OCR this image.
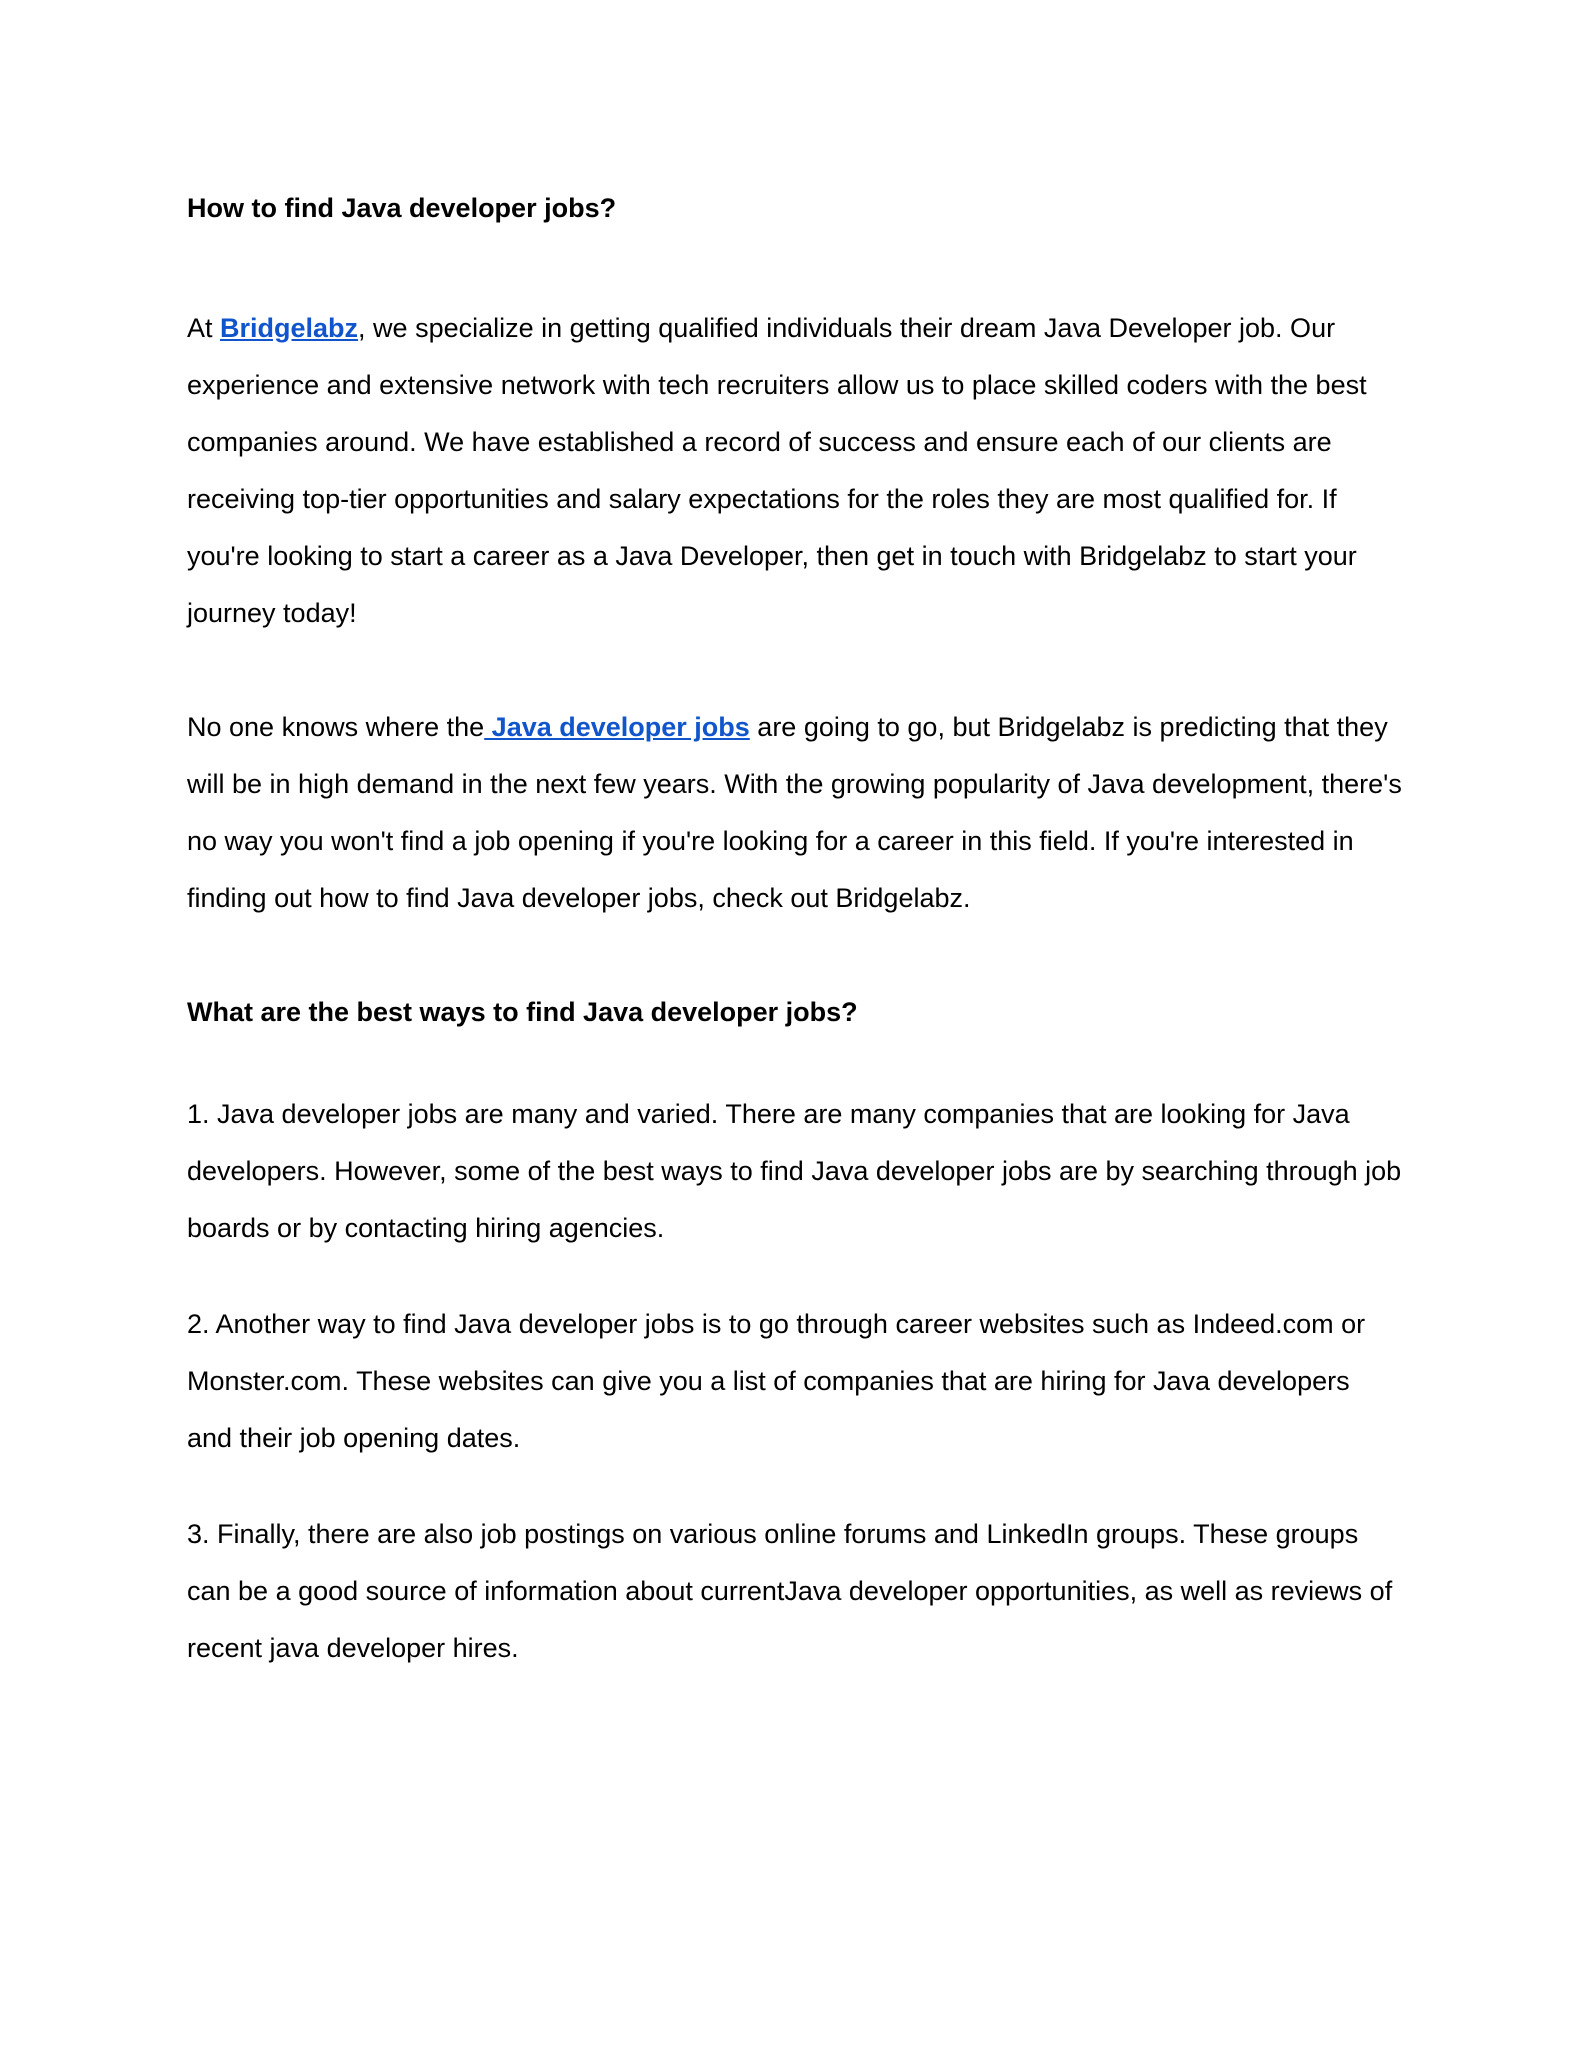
How to find Java developer jobs?

At Bridgelabz, we specialize in getting qualified individuals their dream Java Developer job. Our experience and extensive network with tech recruiters allow us to place skilled coders with the best companies around. We have established a record of success and ensure each of our clients are receiving top-tier opportunities and salary expectations for the roles they are most qualified for. If you're looking to start a career as a Java Developer, then get in touch with Bridgelabz to start your journey today!

No one knows where the Java developer jobs are going to go, but Bridgelabz is predicting that they will be in high demand in the next few years. With the growing popularity of Java development, there's no way you won't find a job opening if you're looking for a career in this field. If you're interested in finding out how to find Java developer jobs, check out Bridgelabz.

What are the best ways to find Java developer jobs?

1. Java developer jobs are many and varied. There are many companies that are looking for Java developers. However, some of the best ways to find Java developer jobs are by searching through job boards or by contacting hiring agencies.

2. Another way to find Java developer jobs is to go through career websites such as Indeed.com or Monster.com. These websites can give you a list of companies that are hiring for Java developers and their job opening dates.

3. Finally, there are also job postings on various online forums and LinkedIn groups. These groups can be a good source of information about currentJava developer opportunities, as well as reviews of recent java developer hires.
